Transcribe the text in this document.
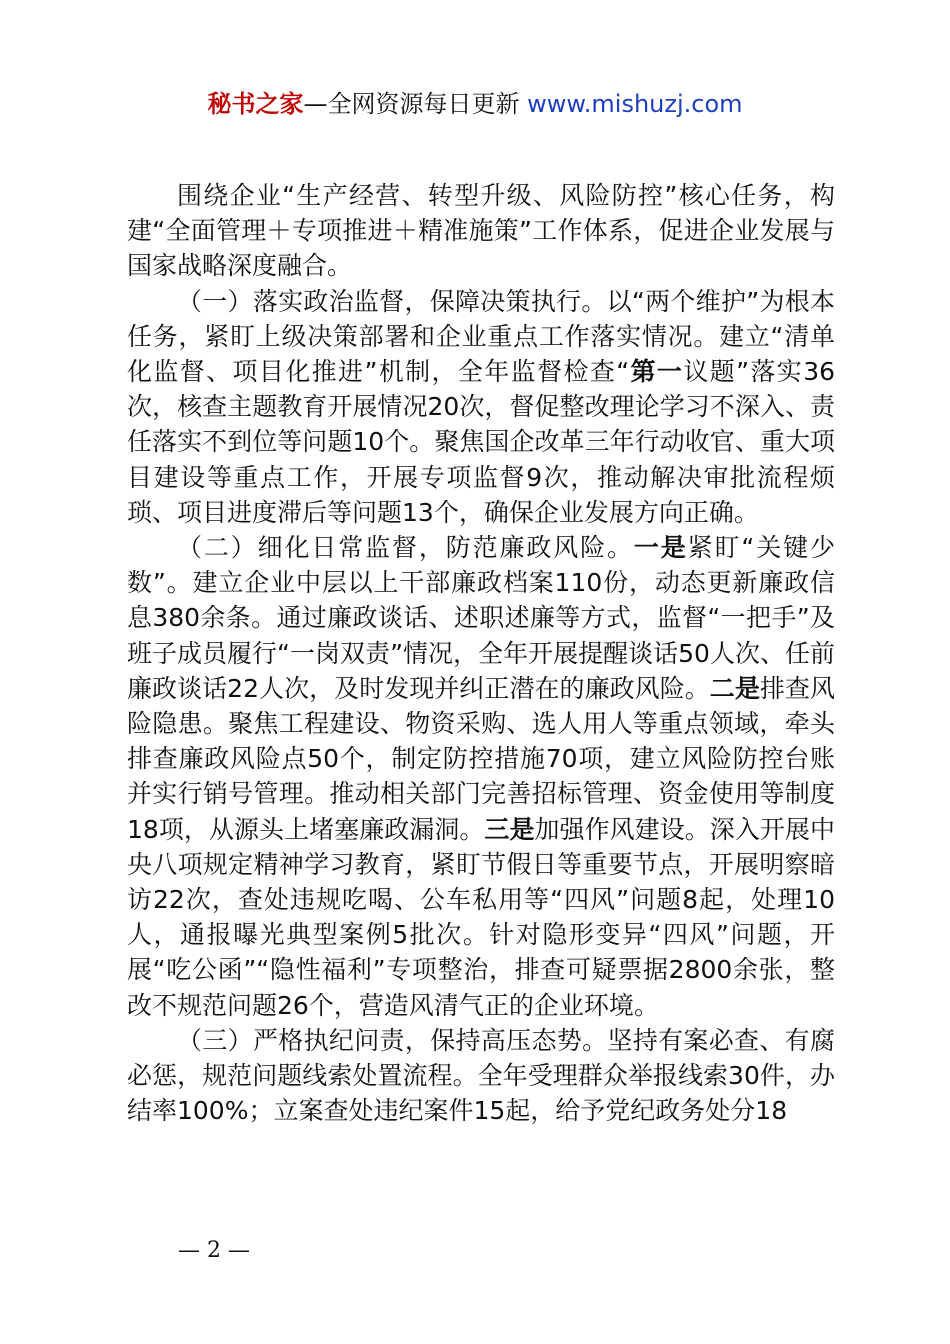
秘书之家—全网资源每日更新 www.mishuzj.com

围绕企业“生产经营、转型升级、风险防控”核心任务，构建“全面管理＋专项推进＋精准施策”工作体系，促进企业发展与国家战略深度融合。

（一）落实政治监督，保障决策执行。以“两个维护”为根本任务，紧盯上级决策部署和企业重点工作落实情况。建立“清单化监督、项目化推进”机制，全年监督检查“第一议题”落实36次，核查主题教育开展情况20次，督促整改理论学习不深入、责任落实不到位等问题10个。聚焦国企改革三年行动收官、重大项目建设等重点工作，开展专项监督9次，推动解决审批流程烦琐、项目进度滞后等问题13个，确保企业发展方向正确。

（二）细化日常监督，防范廉政风险。一是紧盯“关键少数”。建立企业中层以上干部廉政档案110份，动态更新廉政信息380余条。通过廉政谈话、述职述廉等方式，监督“一把手”及班子成员履行“一岗双责”情况，全年开展提醒谈话50人次、任前廉政谈话22人次，及时发现并纠正潜在的廉政风险。二是排查风险隐患。聚焦工程建设、物资采购、选人用人等重点领域，牵头排查廉政风险点50个，制定防控措施70项，建立风险防控台账并实行销号管理。推动相关部门完善招标管理、资金使用等制度18项，从源头上堵塞廉政漏洞。三是加强作风建设。深入开展中央八项规定精神学习教育，紧盯节假日等重要节点，开展明察暗访22次，查处违规吃喝、公车私用等“四风”问题8起，处理10人，通报曝光典型案例5批次。针对隐形变异“四风”问题，开展“吃公函”“隐性福利”专项整治，排查可疑票据2800余张，整改不规范问题26个，营造风清气正的企业环境。

（三）严格执纪问责，保持高压态势。坚持有案必查、有腐必惩，规范问题线索处置流程。全年受理群众举报线索30件，办结率100%；立案查处违纪案件15起，给予党纪政务处分18

— 2 —
